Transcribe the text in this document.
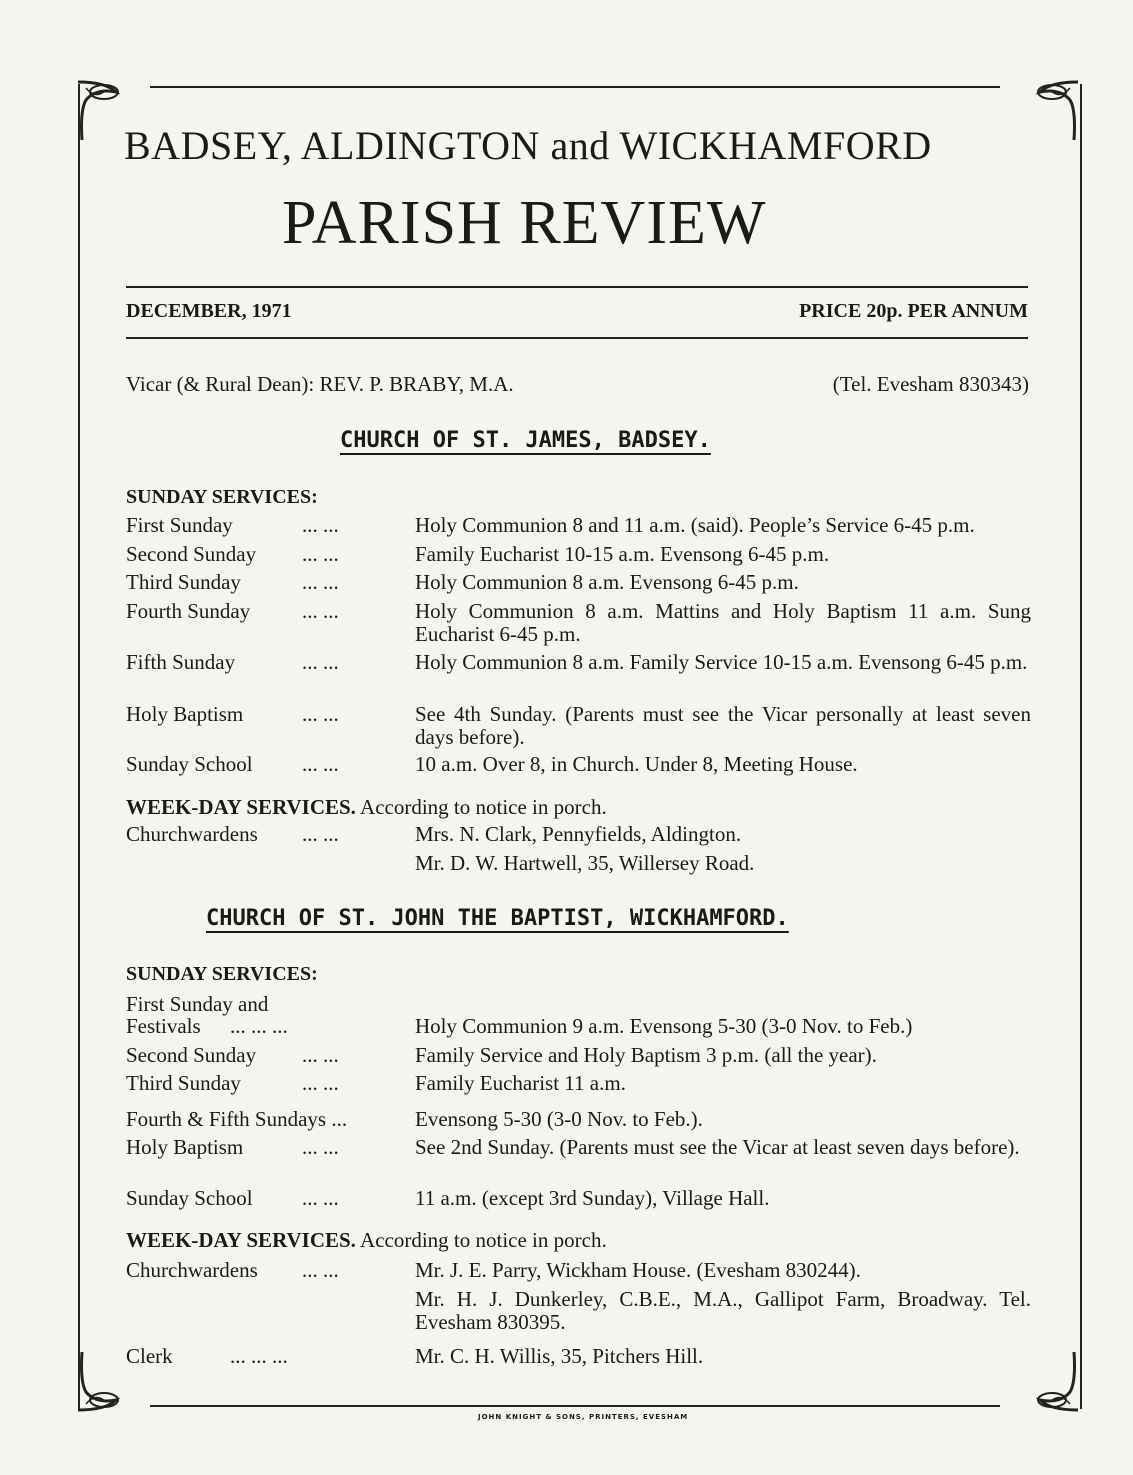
BADSEY, ALDINGTON and WICKHAMFORD
PARISH REVIEW
DECEMBER, 1971	PRICE 20p. PER ANNUM
Vicar (& Rural Dean): REV. P. BRABY, M.A.	(Tel. Evesham 830343)
CHURCH OF ST. JAMES, BADSEY.
SUNDAY SERVICES:
First Sunday	... ...	Holy Communion 8 and 11 a.m. (said). People’s Service 6-45 p.m.
Second Sunday ... ...	Family Eucharist 10-15 a.m. Evensong 6-45 p.m.
Third Sunday	... ...	Holy Communion 8 a.m. Evensong 6-45 p.m.
Fourth Sunday ... ...	Holy Communion 8 a.m. Mattins and Holy Baptism 11 a.m. Sung Eucharist 6-45 p.m.
Fifth Sunday	... ...	Holy Communion 8 a.m. Family Service 10-15 a.m. Evensong 6-45 p.m.
Holy Baptism	... ...	See 4th Sunday. (Parents must see the Vicar personally at least seven days before).
Sunday School ... ...	10 a.m. Over 8, in Church. Under 8, Meeting House.
WEEK-DAY SERVICES. According to notice in porch.
Churchwardens ... ...	Mrs. N. Clark, Pennyfields, Aldington.
Mr. D. W. Hartwell, 35, Willersey Road.
CHURCH OF ST. JOHN THE BAPTIST, WICKHAMFORD.
SUNDAY SERVICES:
First Sunday and
Festivals ... ... ...	Holy Communion 9 a.m. Evensong 5-30 (3-0 Nov. to Feb.)
Second Sunday ... ...	Family Service and Holy Baptism 3 p.m. (all the year).
Third Sunday	... ...	Family Eucharist 11 a.m.
Fourth & Fifth Sundays ...	Evensong 5-30 (3-0 Nov. to Feb.).
Holy Baptism	... ...	See 2nd Sunday. (Parents must see the Vicar at least seven days before).
Sunday School ... ...	11 a.m. (except 3rd Sunday), Village Hall.
WEEK-DAY SERVICES. According to notice in porch.
Churchwardens ... ...	Mr. J. E. Parry, Wickham House. (Evesham 830244).
Mr. H. J. Dunkerley, C.B.E., M.A., Gallipot Farm, Broadway. Tel. Evesham 830395.
Clerk	... ... ...	Mr. C. H. Willis, 35, Pitchers Hill.
JOHN KNIGHT & SONS, PRINTERS, EVESHAM
